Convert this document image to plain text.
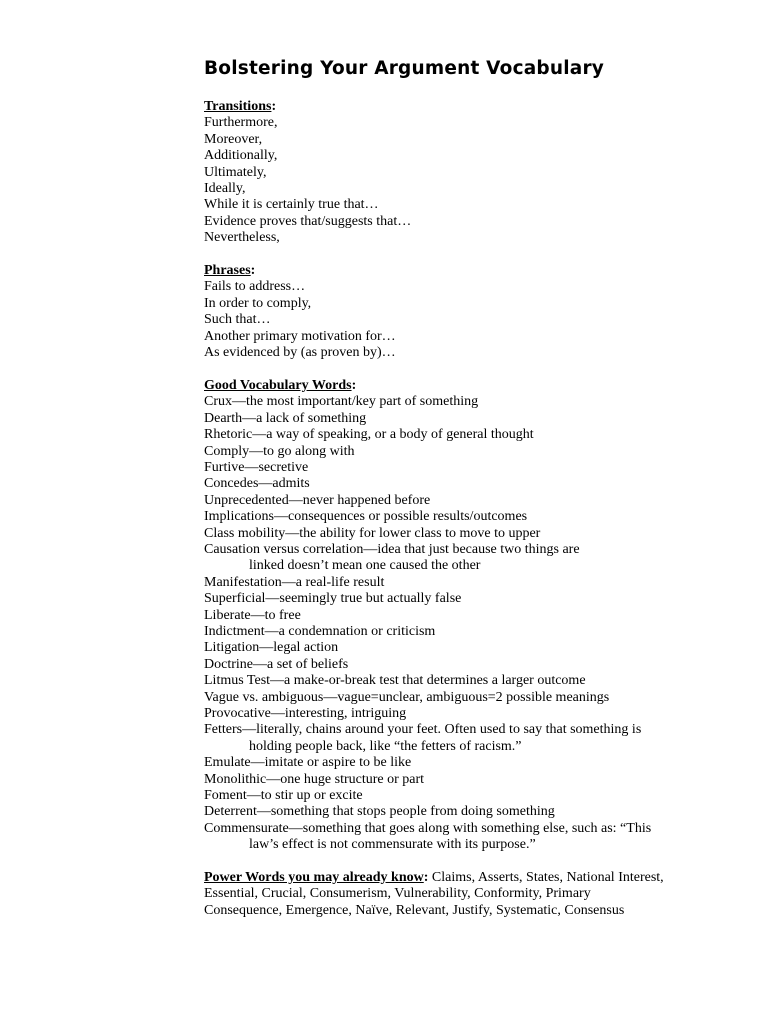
Bolstering Your Argument Vocabulary
Transitions:
Furthermore,
Moreover,
Additionally,
Ultimately,
Ideally,
While it is certainly true that…
Evidence proves that/suggests that…
Nevertheless,
Phrases:
Fails to address…
In order to comply,
Such that…
Another primary motivation for…
As evidenced by (as proven by)…
Good Vocabulary Words:
Crux—the most important/key part of something
Dearth—a lack of something
Rhetoric—a way of speaking, or a body of general thought
Comply—to go along with
Furtive—secretive
Concedes—admits
Unprecedented—never happened before
Implications—consequences or possible results/outcomes
Class mobility—the ability for lower class to move to upper
Causation versus correlation—idea that just because two things are
linked doesn’t mean one caused the other
Manifestation—a real-life result
Superficial—seemingly true but actually false
Liberate—to free
Indictment—a condemnation or criticism
Litigation—legal action
Doctrine—a set of beliefs
Litmus Test—a make-or-break test that determines a larger outcome
Vague vs. ambiguous—vague=unclear, ambiguous=2 possible meanings
Provocative—interesting, intriguing
Fetters—literally, chains around your feet. Often used to say that something is
holding people back, like “the fetters of racism.”
Emulate—imitate or aspire to be like
Monolithic—one huge structure or part
Foment—to stir up or excite
Deterrent—something that stops people from doing something
Commensurate—something that goes along with something else, such as: “This
law’s effect is not commensurate with its purpose.”
Power Words you may already know: Claims, Asserts, States, National Interest, Essential, Crucial, Consumerism, Vulnerability, Conformity, Primary Consequence, Emergence, Naïve, Relevant, Justify, Systematic, Consensus
